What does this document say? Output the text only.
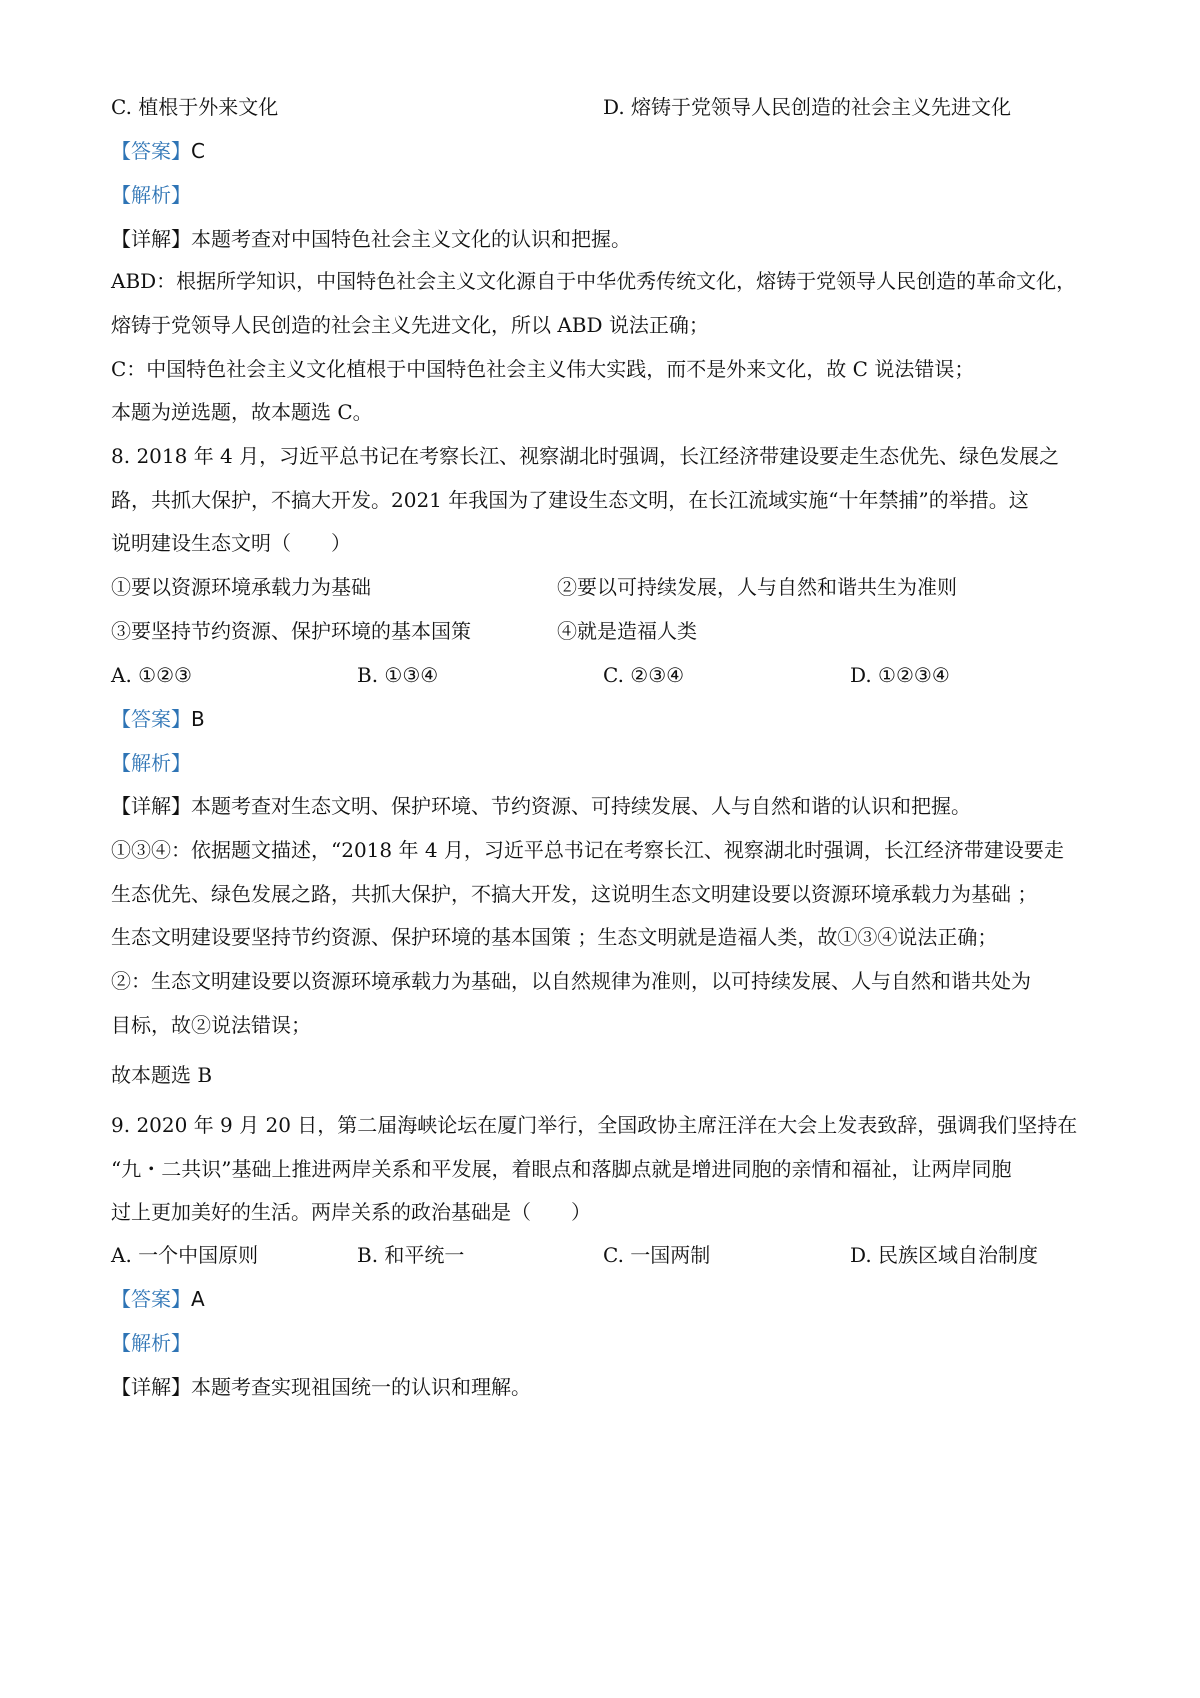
C. 植根于外来文化	D. 熔铸于党领导人民创造的社会主义先进文化
【答案】C
【解析】
【详解】本题考查对中国特色社会主义文化的认识和把握。
ABD：根据所学知识，中国特色社会主义文化源自于中华优秀传统文化，熔铸于党领导人民创造的革命文化，
熔铸于党领导人民创造的社会主义先进文化，所以 ABD 说法正确；
C：中国特色社会主义文化植根于中国特色社会主义伟大实践，而不是外来文化，故 C 说法错误；
本题为逆选题，故本题选 C。
8. 2018 年 4 月，习近平总书记在考察长江、视察湖北时强调，长江经济带建设要走生态优先、绿色发展之
路，共抓大保护，不搞大开发。2021 年我国为了建设生态文明，在长江流域实施“十年禁捕”的举措。这
说明建设生态文明（　　）
①要以资源环境承载力为基础	②要以可持续发展，人与自然和谐共生为准则
③要坚持节约资源、保护环境的基本国策	④就是造福人类
A. ①②③	B. ①③④	C. ②③④	D. ①②③④
【答案】B
【解析】
【详解】本题考查对生态文明、保护环境、节约资源、可持续发展、人与自然和谐的认识和把握。
①③④：依据题文描述，“2018 年 4 月，习近平总书记在考察长江、视察湖北时强调，长江经济带建设要走
生态优先、绿色发展之路，共抓大保护，不搞大开发，这说明生态文明建设要以资源环境承载力为基础 ；
生态文明建设要坚持节约资源、保护环境的基本国策 ；生态文明就是造福人类，故①③④说法正确；
②：生态文明建设要以资源环境承载力为基础，以自然规律为准则，以可持续发展、人与自然和谐共处为
目标，故②说法错误；
故本题选 B
9. 2020 年 9 月 20 日，第二届海峡论坛在厦门举行，全国政协主席汪洋在大会上发表致辞，强调我们坚持在
“九・二共识”基础上推进两岸关系和平发展，着眼点和落脚点就是增进同胞的亲情和福祉，让两岸同胞
过上更加美好的生活。两岸关系的政治基础是（　　）
A. 一个中国原则	B. 和平统一	C. 一国两制	D. 民族区域自治制度
【答案】A
【解析】
【详解】本题考查实现祖国统一的认识和理解。
